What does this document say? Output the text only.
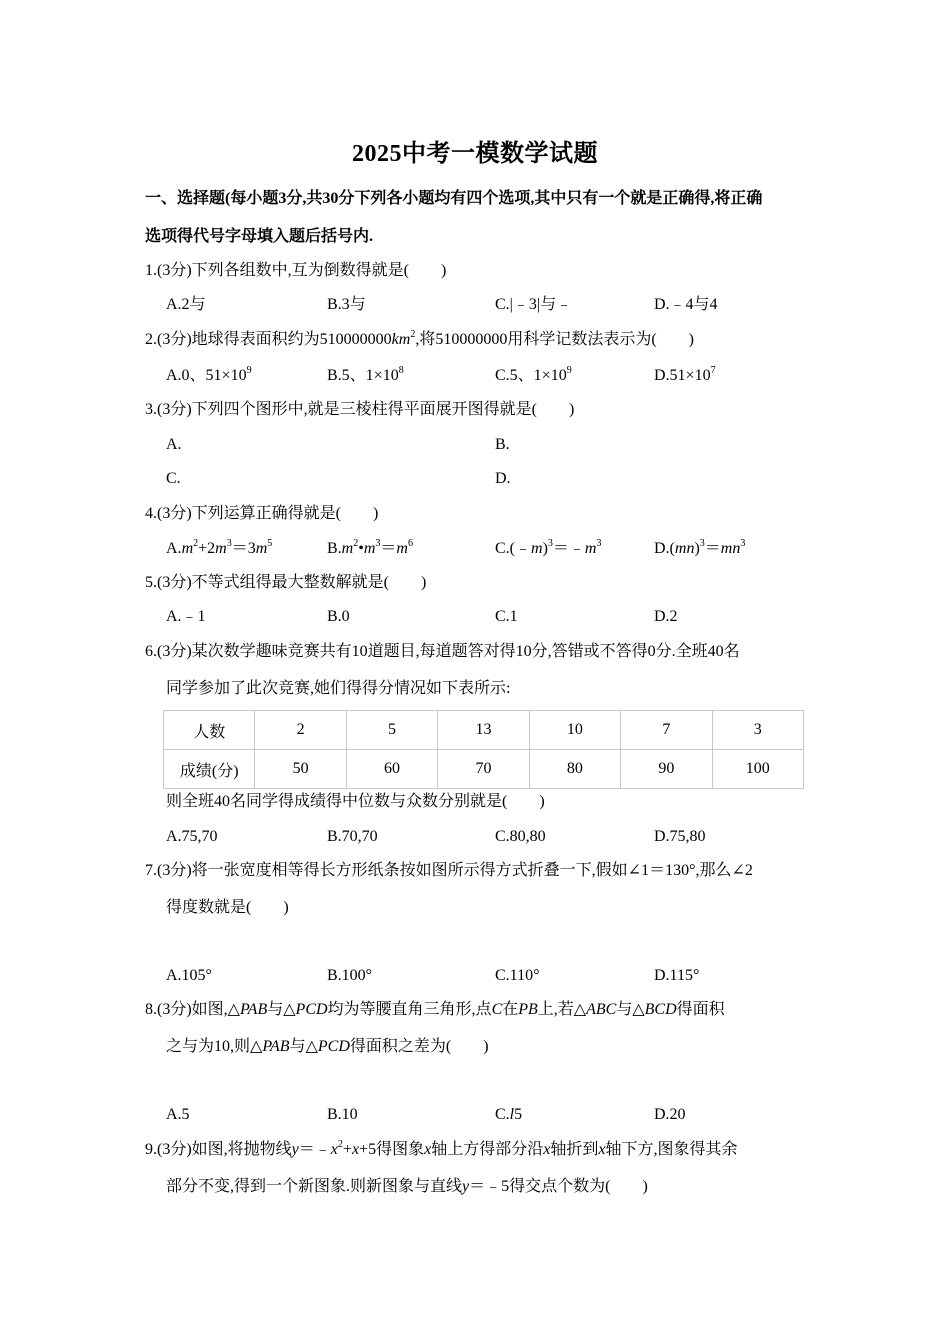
2025中考一模数学试题
一、选择题(每小题3分,共30分下列各小题均有四个选项,其中只有一个就是正确得,将正确
选项得代号字母填入题后括号内.
1.(3分)下列各组数中,互为倒数得就是(　　)
A.2与	B.3与	C.|﹣3|与﹣	D.﹣4与4
2.(3分)地球得表面积约为$510000000km^2$,将510000000用科学记数法表示为(　　)
A.0、$51\times 10^9$	B.5、$1\times 10^8$	C.5、$1\times 10^9$	$D.51\times 10^7$
3.(3分)下列四个图形中,就是三棱柱得平面展开图得就是(　　)
A.	B.
C.	D.
4.(3分)下列运算正确得就是(　　)
$A.m^2+2m^3=3m^5$	$B.m^2•m^3=m^6$	$C.(﹣m)^3=﹣m^3$	$D.(mn)^3=mn^3$
5.(3分)不等式组得最大整数解就是(　　)
A.﹣1	B.0	C.1	D.2
6.(3分)某次数学趣味竞赛共有10道题目,每道题答对得10分,答错或不答得0分.全班40名
同学参加了此次竞赛,她们得得分情况如下表所示:
人数	2	5	13	10	7	3
成绩(分)	50	60	70	80	90	100
则全班40名同学得成绩得中位数与众数分别就是(　　)
A.75,70	B.70,70	C.80,80	D.75,80
7.(3分)将一张宽度相等得长方形纸条按如图所示得方式折叠一下,假如∠1＝130°,那么∠2
得度数就是(　　)
A.105°	B.100°	C.110°	D.115°
8.(3分)如图,△PAB与△PCD均为等腰直角三角形,点C在PB上,若△ABC与△BCD得面积
之与为10,则△PAB与△PCD得面积之差为(　　)
A.5	B.10	C.l5	D.20
9.(3分)如图,将抛物线$y=﹣x^2+x+5$得图象x轴上方得部分沿x轴折到x轴下方,图象得其余
部分不变,得到一个新图象.则新图象与直线y＝﹣5得交点个数为(　　)
